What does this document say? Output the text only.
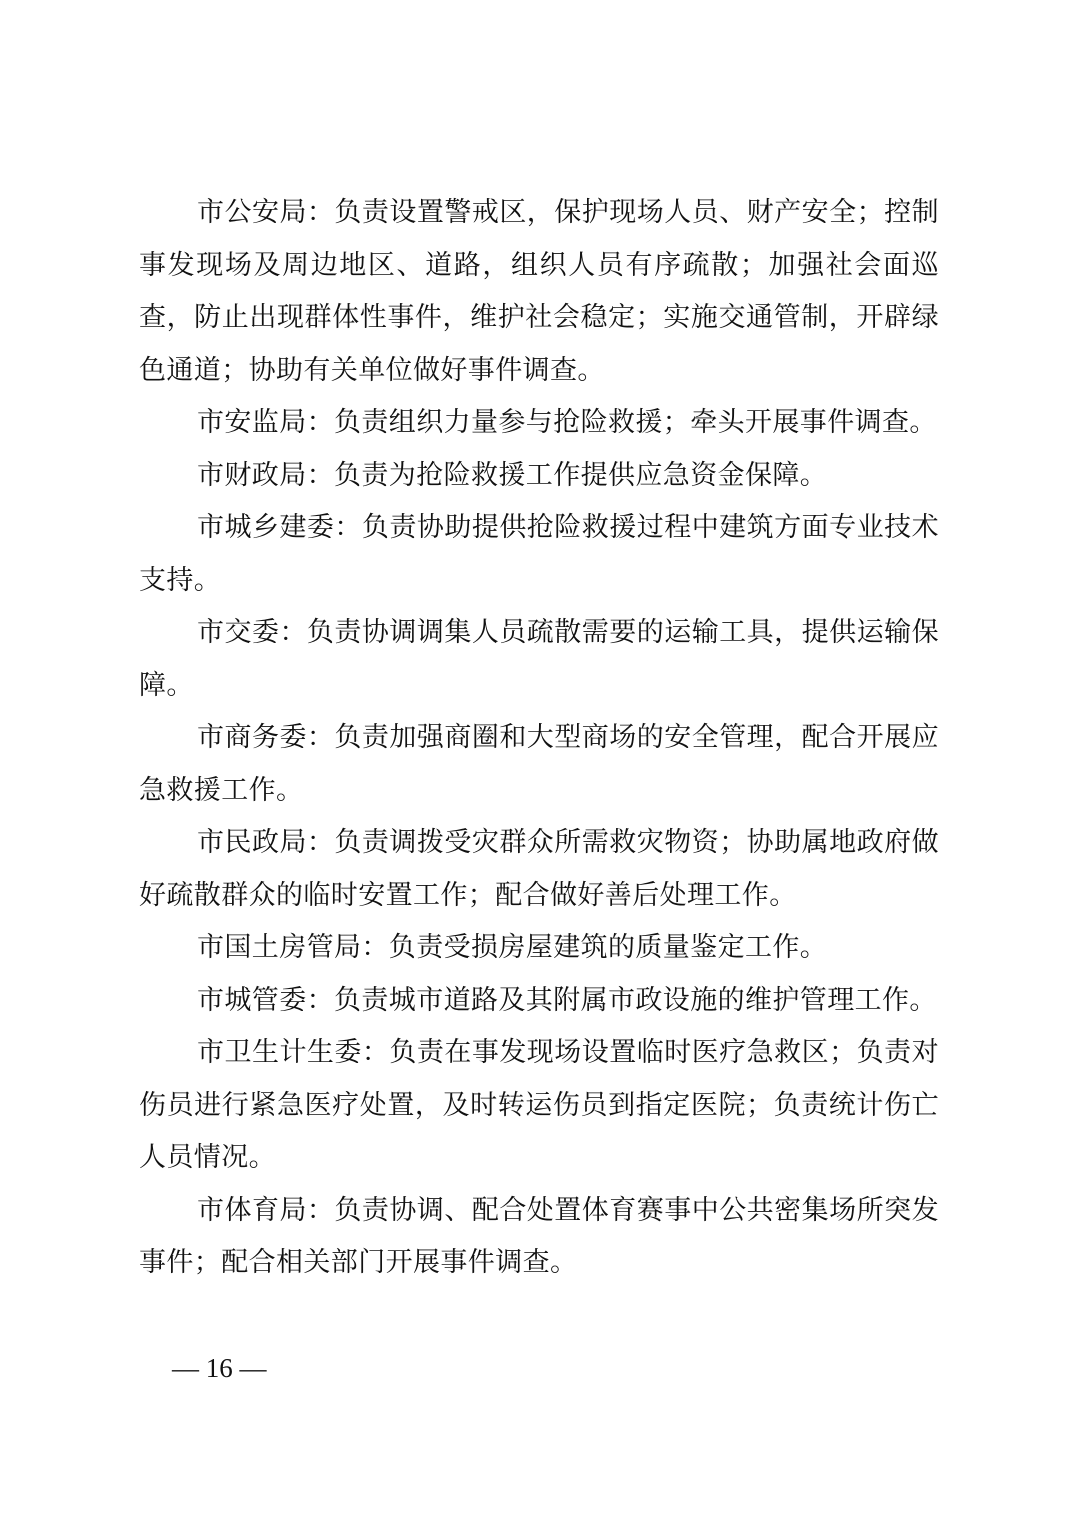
市公安局：负责设置警戒区，保护现场人员、财产安全；控制事发现场及周边地区、道路，组织人员有序疏散；加强社会面巡查，防止出现群体性事件，维护社会稳定；实施交通管制，开辟绿色通道；协助有关单位做好事件调查。

市安监局：负责组织力量参与抢险救援；牵头开展事件调查。

市财政局：负责为抢险救援工作提供应急资金保障。

市城乡建委：负责协助提供抢险救援过程中建筑方面专业技术支持。

市交委：负责协调调集人员疏散需要的运输工具，提供运输保障。

市商务委：负责加强商圈和大型商场的安全管理，配合开展应急救援工作。

市民政局：负责调拨受灾群众所需救灾物资；协助属地政府做好疏散群众的临时安置工作；配合做好善后处理工作。

市国土房管局：负责受损房屋建筑的质量鉴定工作。

市城管委：负责城市道路及其附属市政设施的维护管理工作。

市卫生计生委：负责在事发现场设置临时医疗急救区；负责对伤员进行紧急医疗处置，及时转运伤员到指定医院；负责统计伤亡人员情况。

市体育局：负责协调、配合处置体育赛事中公共密集场所突发事件；配合相关部门开展事件调查。

— 16 —
